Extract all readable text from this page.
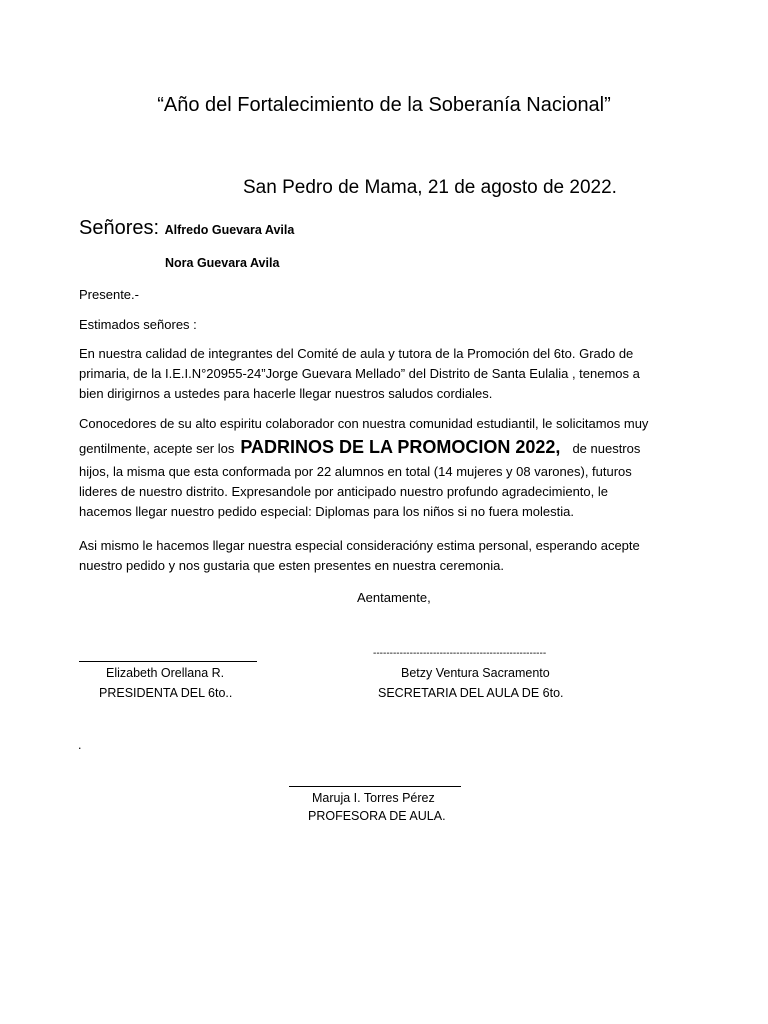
“Año del Fortalecimiento de la Soberanía Nacional”
San Pedro de Mama, 21 de agosto de 2022.
Señores: Alfredo Guevara Avila
Nora Guevara Avila
Presente.-
Estimados señores :
En nuestra calidad de integrantes del Comité de aula y tutora de la Promoción del 6to. Grado de
primaria, de la I.E.I.N°20955-24”Jorge Guevara Mellado” del Distrito de Santa Eulalia , tenemos a
bien dirigirnos a ustedes para hacerle llegar nuestros saludos cordiales.
Conocedores de su alto espiritu colaborador con nuestra comunidad estudiantil, le solicitamos muy
gentilmente, acepte ser los PADRINOS DE LA PROMOCION 2022, de nuestros
hijos, la misma que esta conformada por 22 alumnos en total (14 mujeres y 08 varones), futuros
lideres de nuestro distrito. Expresandole por anticipado nuestro profundo agradecimiento, le
hacemos llegar nuestro pedido especial: Diplomas para los niños si no fuera molestia.
Asi mismo le hacemos llegar nuestra especial consideracióny estima personal, esperando acepte
nuestro pedido y nos gustaria que esten presentes en nuestra ceremonia.
Aentamente,
Elizabeth Orellana R.
PRESIDENTA DEL 6to..
----------------------------------------------------
Betzy Ventura Sacramento
SECRETARIA DEL AULA DE 6to.
.
Maruja I. Torres Pérez
PROFESORA DE AULA.
